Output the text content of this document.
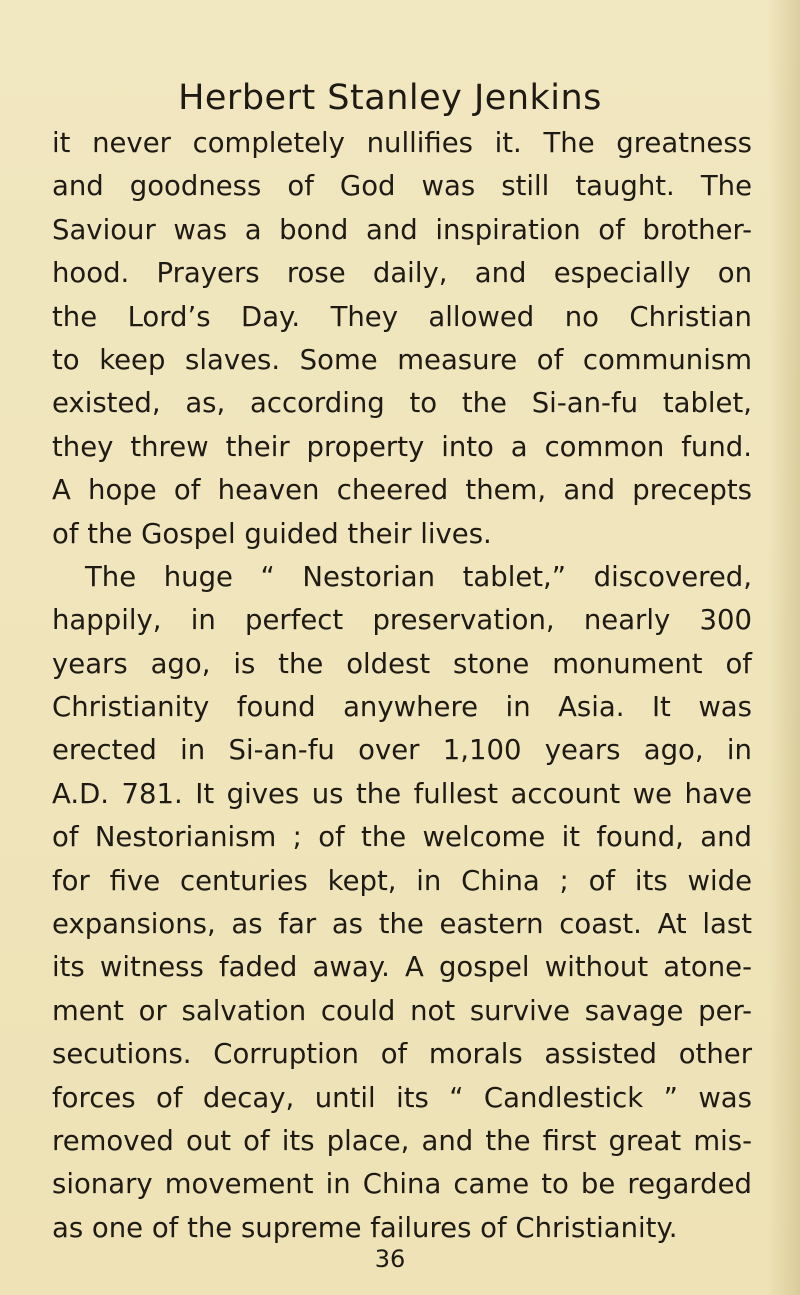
Herbert Stanley Jenkins
it never completely nullifies it. The greatness
and goodness of God was still taught. The
Saviour was a bond and inspiration of brother-
hood. Prayers rose daily, and especially on
the Lord’s Day. They allowed no Christian
to keep slaves. Some measure of communism
existed, as, according to the Si-an-fu tablet,
they threw their property into a common fund.
A hope of heaven cheered them, and precepts
of the Gospel guided their lives.
The huge “ Nestorian tablet,” discovered,
happily, in perfect preservation, nearly 300
years ago, is the oldest stone monument of
Christianity found anywhere in Asia. It was
erected in Si-an-fu over 1,100 years ago, in
A.D. 781. It gives us the fullest account we have
of Nestorianism ; of the welcome it found, and
for five centuries kept, in China ; of its wide
expansions, as far as the eastern coast. At last
its witness faded away. A gospel without atone-
ment or salvation could not survive savage per-
secutions. Corruption of morals assisted other
forces of decay, until its “ Candlestick ” was
removed out of its place, and the first great mis-
sionary movement in China came to be regarded
as one of the supreme failures of Christianity.
36
